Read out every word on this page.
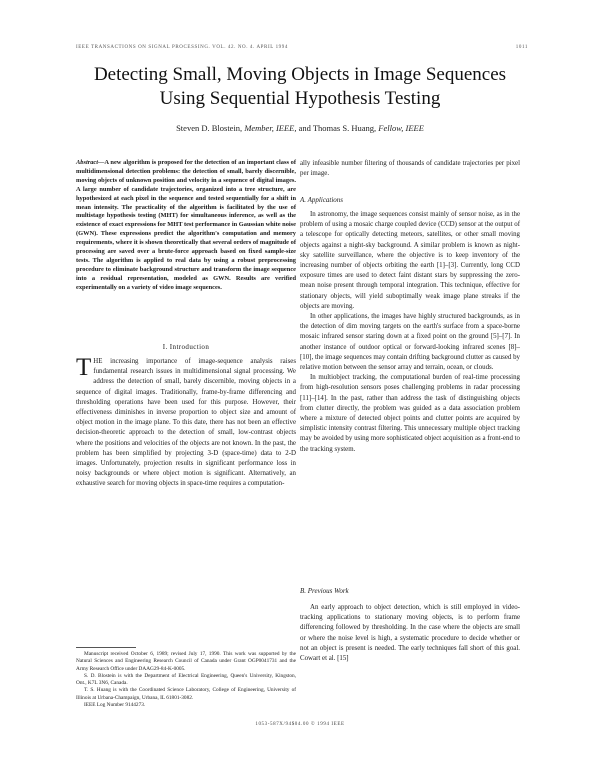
IEEE TRANSACTIONS ON SIGNAL PROCESSING. VOL. 42. NO. 4. APRIL 1994	1011
Detecting Small, Moving Objects in Image Sequences
Using Sequential Hypothesis Testing
Steven D. Blostein, Member, IEEE, and Thomas S. Huang, Fellow, IEEE

Abstract—A new algorithm is proposed for the detection of an important class of multidimensional detection problems: the detection of small, barely discernible, moving objects of unknown position and velocity in a sequence of digital images. A large number of candidate trajectories, organized into a tree structure, are hypothesized at each pixel in the sequence and tested sequentially for a shift in mean intensity. The practicality of the algorithm is facilitated by the use of multistage hypothesis testing (MHT) for simultaneous inference, as well as the existence of exact expressions for MHT test performance in Gaussian white noise (GWN). These expressions predict the algorithm's computation and memory requirements, where it is shown theoretically that several orders of magnitude of processing are saved over a brute-force approach based on fixed sample-size tests. The algorithm is applied to real data by using a robust preprocessing procedure to eliminate background structure and transform the image sequence into a residual representation, modeled as GWN. Results are verified experimentally on a variety of video image sequences.

I. Introduction

THE increasing importance of image-sequence analysis raises fundamental research issues in multidimensional signal processing. We address the detection of small, barely discernible, moving objects in a sequence of digital images. Traditionally, frame-by-frame differencing and thresholding operations have been used for this purpose. However, their effectiveness diminishes in inverse proportion to object size and amount of object motion in the image plane. To this date, there has not been an effective decision-theoretic approach to the detection of small, low-contrast objects where the positions and velocities of the objects are not known. In the past, the problem has been simplified by projecting 3-D (space-time) data to 2-D images. Unfortunately, projection results in significant performance loss in noisy backgrounds or where object motion is significant. Alternatively, an exhaustive search for moving objects in space-time requires a computation-

Manuscript received October 6, 1989; revised July 17, 1990. This work was supported by the Natural Sciences and Engineering Research Council of Canada under Grant OGP0041731 and the Army Research Office under DAAG29-84-K-0005.

S. D. Blostein is with the Department of Electrical Engineering, Queen's University, Kingston, Ont., K7L 3N6, Canada.

T. S. Huang is with the Coordinated Science Laboratory, College of Engineering, University of Illinois at Urbana-Champaign, Urbana, IL 61801-3082.

IEEE Log Number 9144273.

ally infeasible number filtering of thousands of candidate trajectories per pixel per image.

A. Applications

In astronomy, the image sequences consist mainly of sensor noise, as in the problem of using a mosaic charge coupled device (CCD) sensor at the output of a telescope for optically detecting meteors, satellites, or other small moving objects against a night-sky background. A similar problem is known as night-sky satellite surveillance, where the objective is to keep inventory of the increasing number of objects orbiting the earth [1]–[3]. Currently, long CCD exposure times are used to detect faint distant stars by suppressing the zero-mean noise present through temporal integration. This technique, effective for stationary objects, will yield suboptimally weak image plane streaks if the objects are moving.

In other applications, the images have highly structured backgrounds, as in the detection of dim moving targets on the earth's surface from a space-borne mosaic infrared sensor staring down at a fixed point on the ground [5]–[7]. In another instance of outdoor optical or forward-looking infrared scenes [8]–[10], the image sequences may contain drifting background clutter as caused by relative motion between the sensor array and terrain, ocean, or clouds.

In multiobject tracking, the computational burden of real-time processing from high-resolution sensors poses challenging problems in radar processing [11]–[14]. In the past, rather than address the task of distinguishing objects from clutter directly, the problem was guided as a data association problem where a mixture of detected object points and clutter points are acquired by simplistic intensity contrast filtering. This unnecessary multiple object tracking may be avoided by using more sophisticated object acquisition as a front-end to the tracking system.

B. Previous Work

An early approach to object detection, which is still employed in video-tracking applications to stationary moving objects, is to perform frame differencing followed by thresholding. In the case where the objects are small or where the noise level is high, a systematic procedure to decide whether or not an object is present is needed. The early techniques fall short of this goal. Cowart et al. [15]

1053-587X/94$04.00 © 1994 IEEE
